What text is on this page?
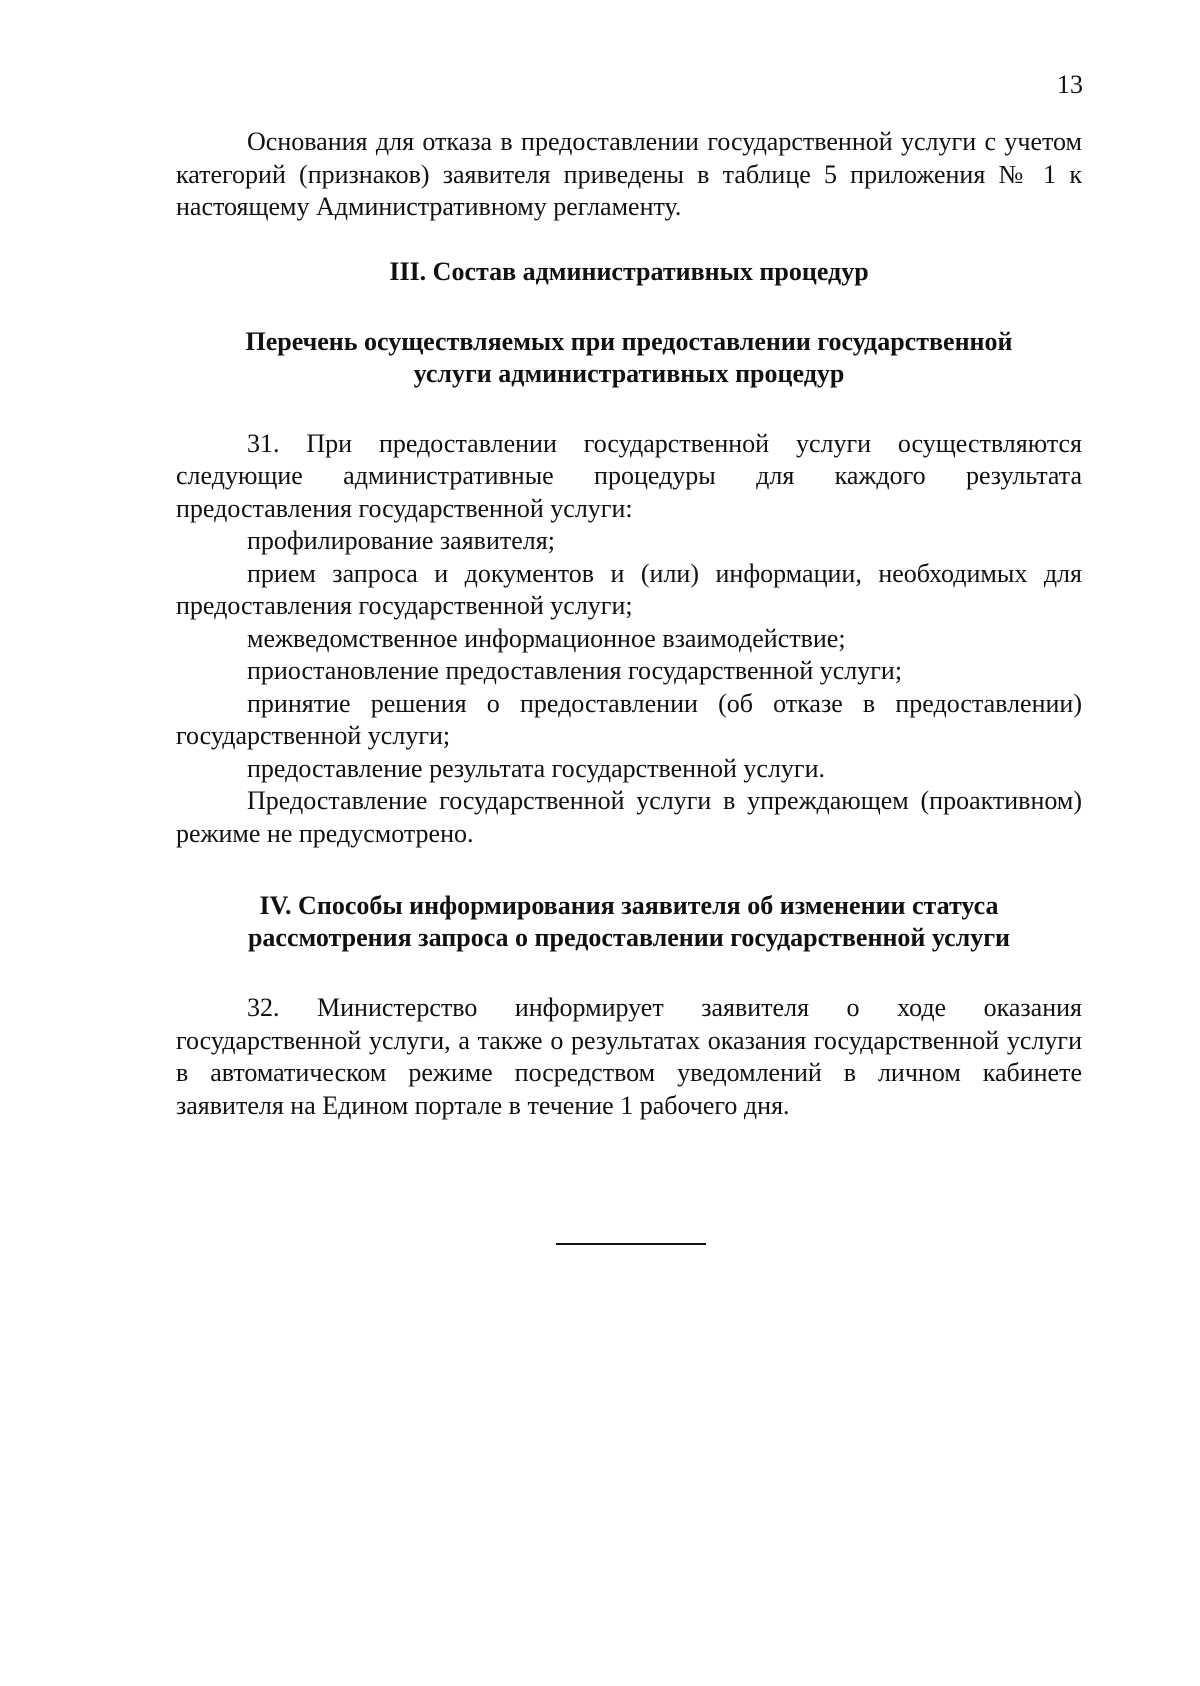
13

Основания для отказа в предоставлении государственной услуги с учетом категорий (признаков) заявителя приведены в таблице 5 приложения № 1 к настоящему Административному регламенту.

III. Состав административных процедур
Перечень осуществляемых при предоставлении государственной
услуги административных процедур

31. При предоставлении государственной услуги осуществляются следующие административные процедуры для каждого результата предоставления государственной услуги:

профилирование заявителя;

прием запроса и документов и (или) информации, необходимых для предоставления государственной услуги;

межведомственное информационное взаимодействие;

приостановление предоставления государственной услуги;

принятие решения о предоставлении (об отказе в предоставлении) государственной услуги;

предоставление результата государственной услуги.

Предоставление государственной услуги в упреждающем (проактивном) режиме не предусмотрено.

IV. Способы информирования заявителя об изменении статуса
рассмотрения запроса о предоставлении государственной услуги

32. Министерство информирует заявителя о ходе оказания государственной услуги, а также о результатах оказания государственной услуги в автоматическом режиме посредством уведомлений в личном кабинете заявителя на Едином портале в течение 1 рабочего дня.
